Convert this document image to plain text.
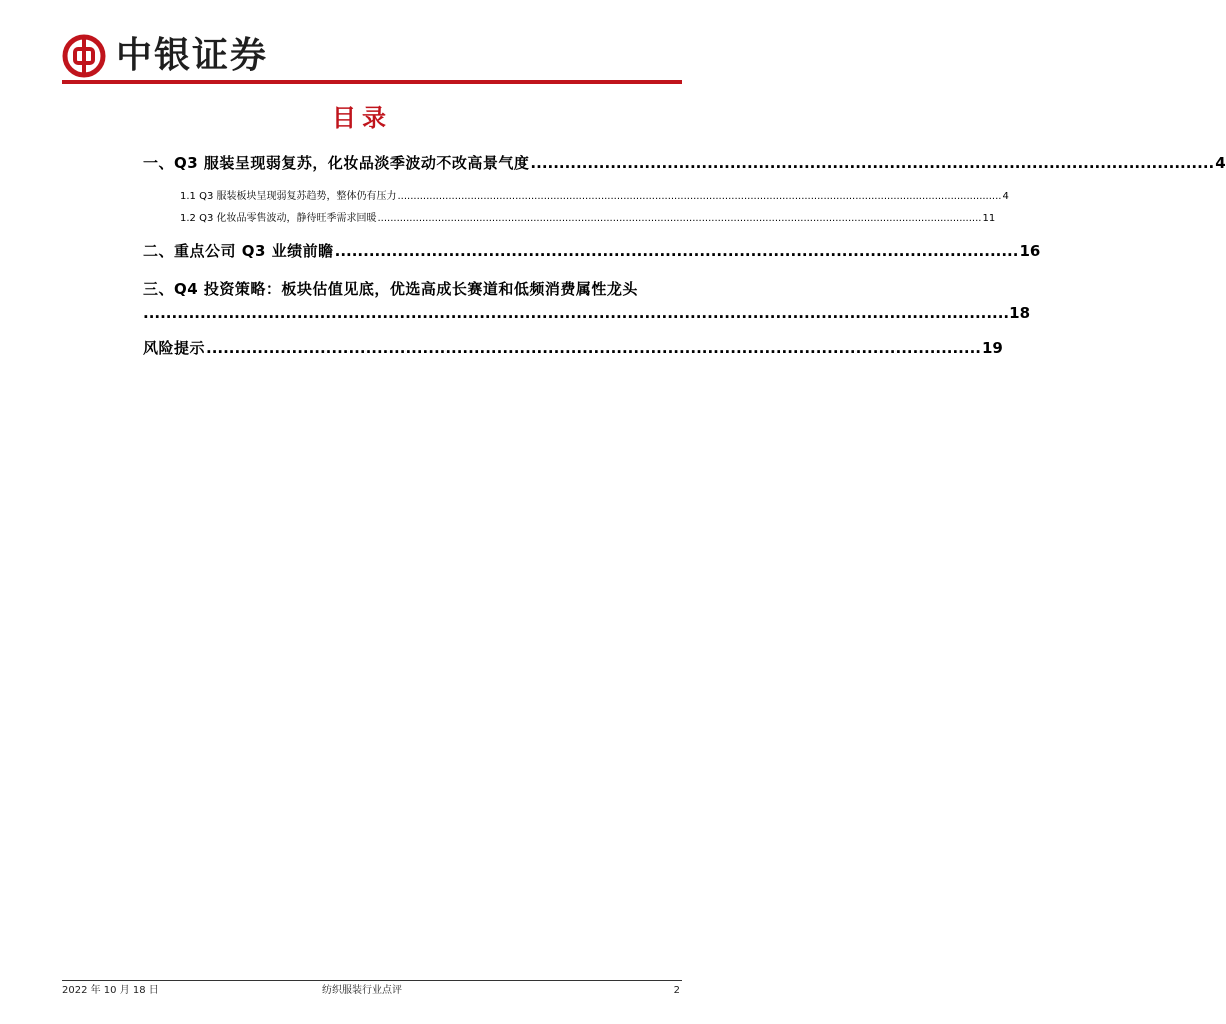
中银证券
目录
一、Q3 服装呈现弱复苏，化妆品淡季波动不改高景气度 ........................................................................................................................ 4
1.1 Q3 服装板块呈现弱复苏趋势，整体仍有压力 .............................................................................................................................................................................................. 4
1.2 Q3 化妆品零售波动，静待旺季需求回暖 .............................................................................................................................................................................................. 11
二、重点公司 Q3 业绩前瞻 ........................................................................................................................ 16
三、Q4 投资策略：板块估值见底，优选高成长赛道和低频消费属性龙头
........................................................................................................................................................ 18
风险提示 ........................................................................................................................................ 19
2022 年 10 月 18 日	纺织服装行业点评	2
